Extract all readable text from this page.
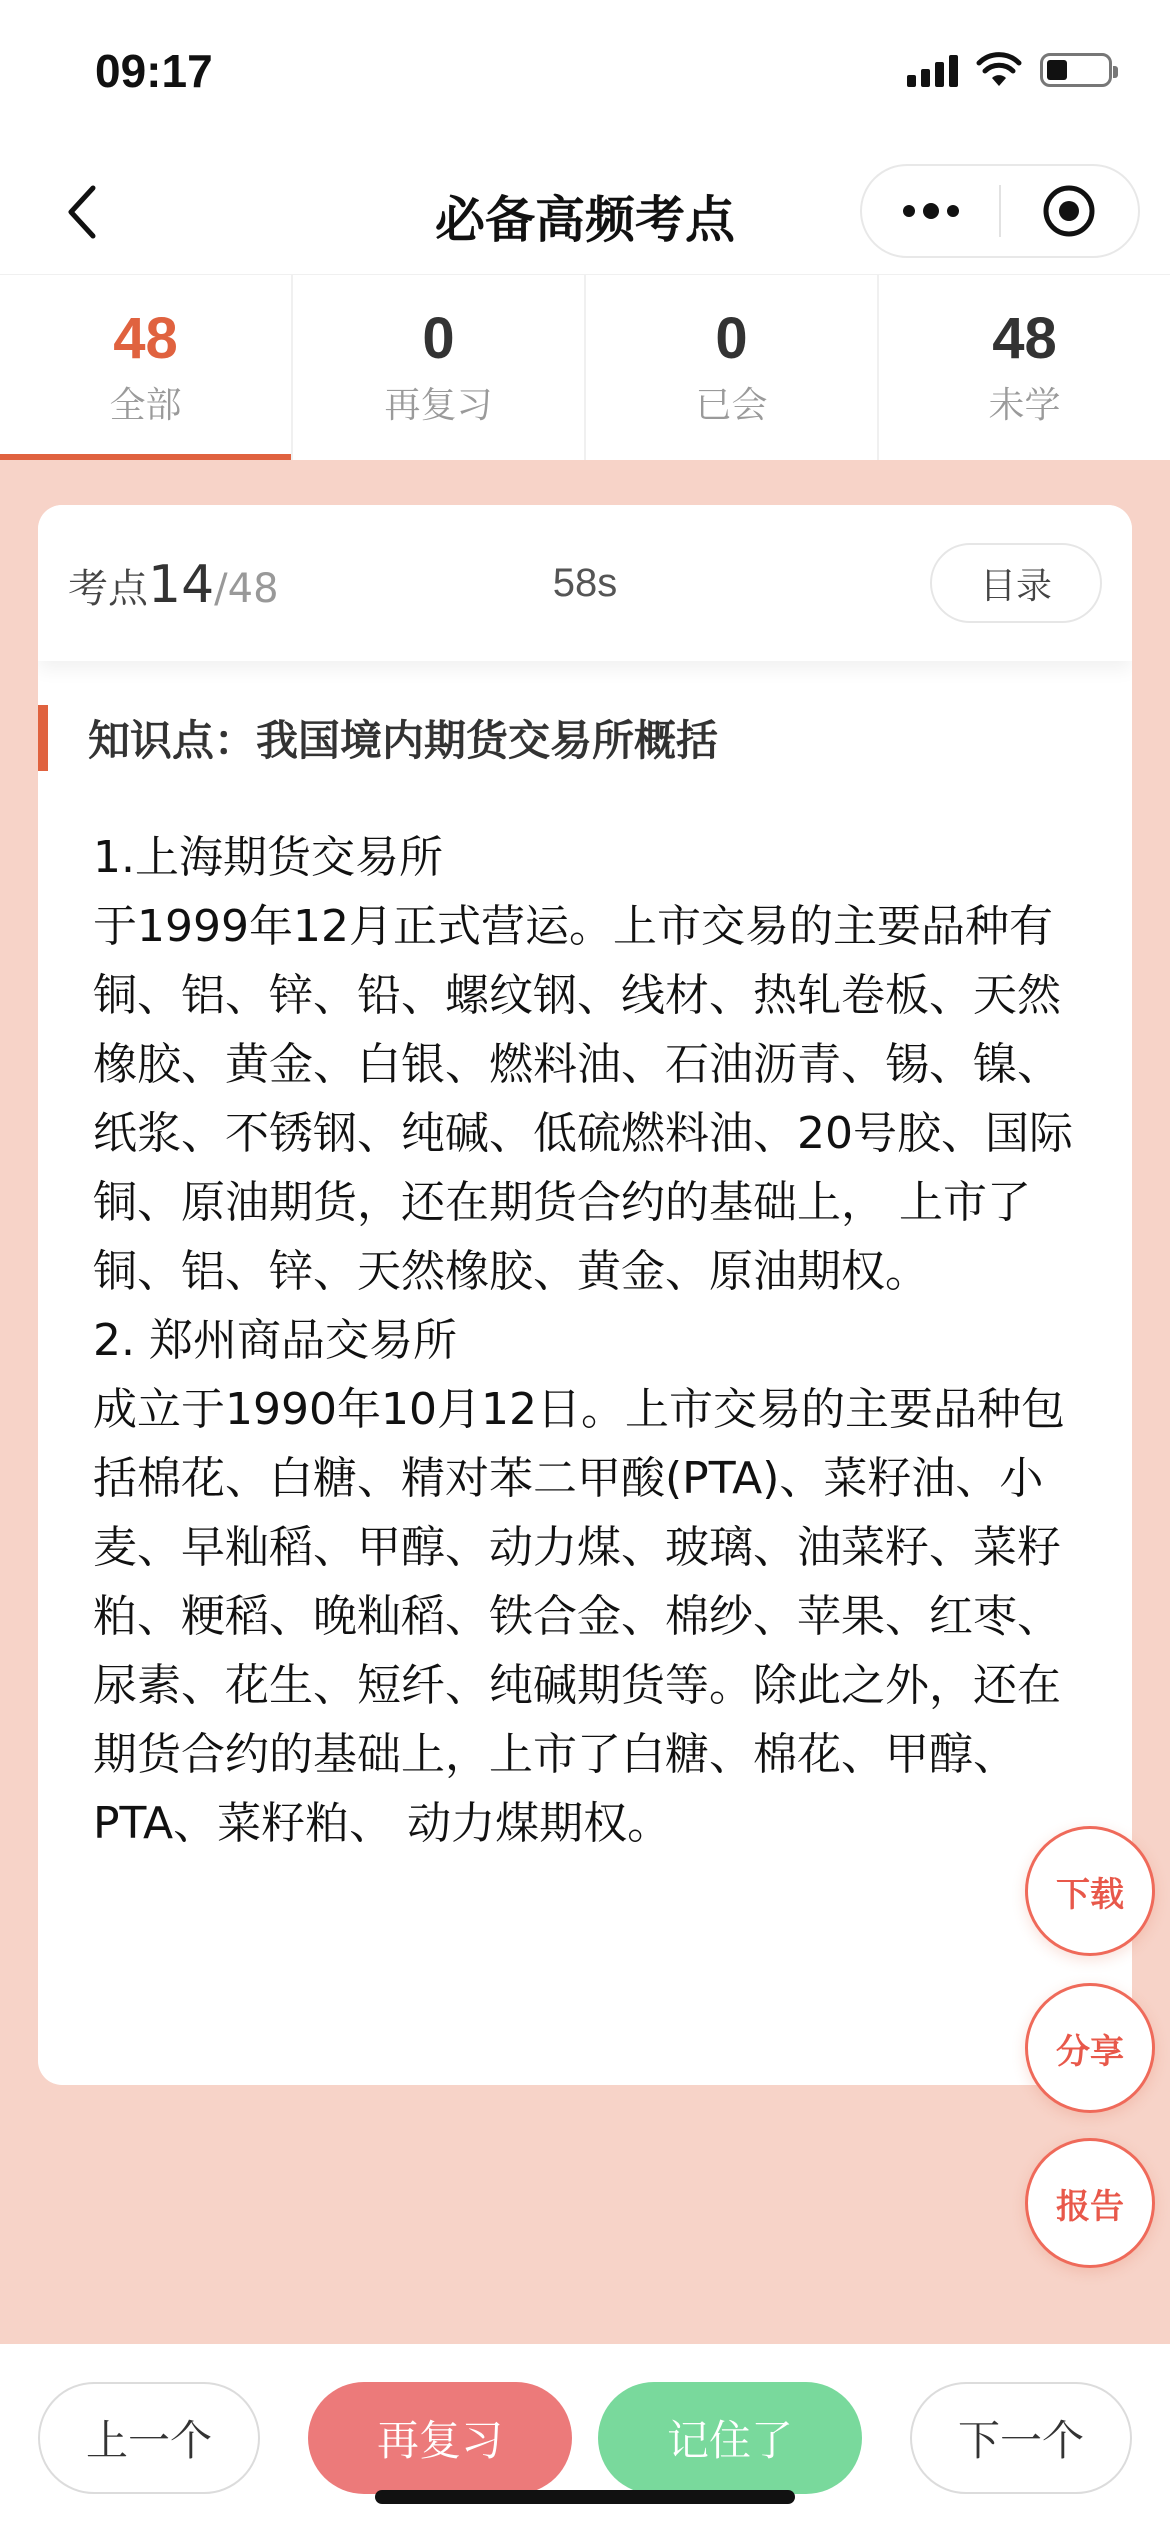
09:17
必备高频考点
48
全部
0
再复习
0
已会
48
未学
考点 14 /48	58s	目录
知识点：我国境内期货交易所概括
1.上海期货交易所
于1999年12月正式营运。上市交易的主要品种有铜、铝、锌、铅、螺纹钢、线材、热轧卷板、天然橡胶、黄金、白银、燃料油、石油沥青、锡、镍、纸浆、不锈钢、纯碱、低硫燃料油、20号胶、国际铜、原油期货，还在期货合约的基础上， 上市了铜、铝、锌、天然橡胶、黄金、原油期权。
2. 郑州商品交易所
成立于1990年10月12日。上市交易的主要品种包括棉花、白糖、精对苯二甲酸(PTA)、菜籽油、小麦、早籼稻、甲醇、动力煤、玻璃、油菜籽、菜籽粕、粳稻、晚籼稻、铁合金、棉纱、苹果、红枣、尿素、花生、短纤、纯碱期货等。除此之外，还在期货合约的基础上，上市了白糖、棉花、甲醇、PTA、菜籽粕、 动力煤期权。
下载
分享
报告
上一个	再复习	记住了	下一个
